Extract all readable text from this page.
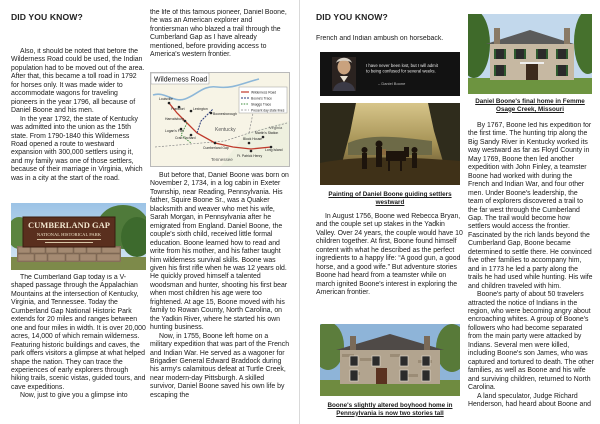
DID YOU KNOW?

Also, it should be noted that before the Wilderness Road could be used, the Indian population had to be moved out of the area. After that, this became a toll road in 1792 for horses only. It was made wider to accommodate wagons for traveling pioneers in the year 1796, all because of Daniel Boone and his men.

In the year 1792, the state of Kentucky was admitted into the union as the 15th state. From 1790-1840 this Wilderness Road opened a route to westward expansion with 300,000 settlers using it, and my family was one of those settlers, because of their marriage in Virginia, which was in a city at the start of the road.

CUMBERLAND GAP
NATIONAL HISTORICAL PARK

The Cumberland Gap today is a V-shaped passage through the Appalachian Mountains at the intersection of Kentucky, Virginia, and Tennessee. Today the Cumberland Gap National Historic Park extends for 20 miles and ranges between one and four miles in width. It is over 20,000 acres, 14,000 of which remain wilderness. Featuring historic buildings and caves, the park offers visitors a glimpse at what helped shape the nation. They can trace the experiences of early explorers through hiking trails, scenic vistas, guided tours, and cave expeditions.

Now, just to give you a glimpse into

the life of this famous pioneer, Daniel Boone, he was an American explorer and frontiersman who blazed a trail through the Cumberland Gap as I have already mentioned, before providing access to America's western frontier.

Wilderness Road
Louisville
Frankfort Lexington
Harrodsburg
Boonesborough
Logan's Fort
Crab Orchard
Kentucky
Cumberland Gap
Block House
Martin's Station
Long Island
Virginia
Tennessee
Ft. Patrick Henry
Wilderness Road
Boone's Trace
Skaggs Trace
Present day state lines

But before that, Daniel Boone was born on November 2, 1734, in a log cabin in Exeter Township, near Reading, Pennsylvania. His father, Squire Boone Sr., was a Quaker blacksmith and weaver who met his wife, Sarah Morgan, in Pennsylvania after he emigrated from England. Daniel Boone, the couple's sixth child, received little formal education. Boone learned how to read and write from his mother, and his father taught him wilderness survival skills. Boone was given his first rifle when he was 12 years old. He quickly proved himself a talented woodsman and hunter, shooting his first bear when most children his age were too frightened. At age 15, Boone moved with his family to Rowan County, North Carolina, on the Yadkin River, where he started his own hunting business.

Now, in 1755, Boone left home on a military expedition that was part of the French and Indian War. He served as a wagoner for Brigadier General Edward Braddock during his army's calamitous defeat at Turtle Creek, near modern-day Pittsburgh. A skilled survivor, Daniel Boone saved his own life by escaping the

DID YOU KNOW?

French and Indian ambush on horseback.

I have never been lost, but I will admit to being confused for several weeks.
– Daniel Boone
Painting of Daniel Boone guiding settlers westward

In August 1756, Boone wed Rebecca Bryan, and the couple set up stakes in the Yadkin Valley. Over 24 years, the couple would have 10 children together. At first, Boone found himself content with what he described as the perfect ingredients to a happy life: “A good gun, a good horse, and a good wife.” But adventure stories Boone had heard from a teamster while on march ignited Boone's interest in exploring the American frontier.

Boone's slightly altered boyhood home in Pennsylvania is now two stories tall
Daniel Boone's final home in Femme Osage Creek, Missouri

By 1767, Boone led his expedition for the first time. The hunting trip along the Big Sandy River in Kentucky worked its way westward as far as Floyd County in May 1769, Boone then led another expedition with John Finley, a teamster Boone had worked with during the French and Indian War, and four other men. Under Boone's leadership, the team of explorers discovered a trail to the far west through the Cumberland Gap. The trail would become how settlers would access the frontier. Fascinated by the rich lands beyond the Cumberland Gap, Boone became determined to settle there. He convinced five other families to accompany him, and in 1773 he led a party along the trails he had used while hunting. His wife and children traveled with him.

Boone's party of about 50 travelers attracted the notice of Indians in the region, who were becoming angry about encroaching whites. A group of Boone's followers who had become separated from the main party were attacked by Indians. Several men were killed, including Boone's son James, who was captured and tortured to death. The other families, as well as Boone and his wife and surviving children, returned to North Carolina.

A land speculator, Judge Richard Henderson, had heard about Boone and
